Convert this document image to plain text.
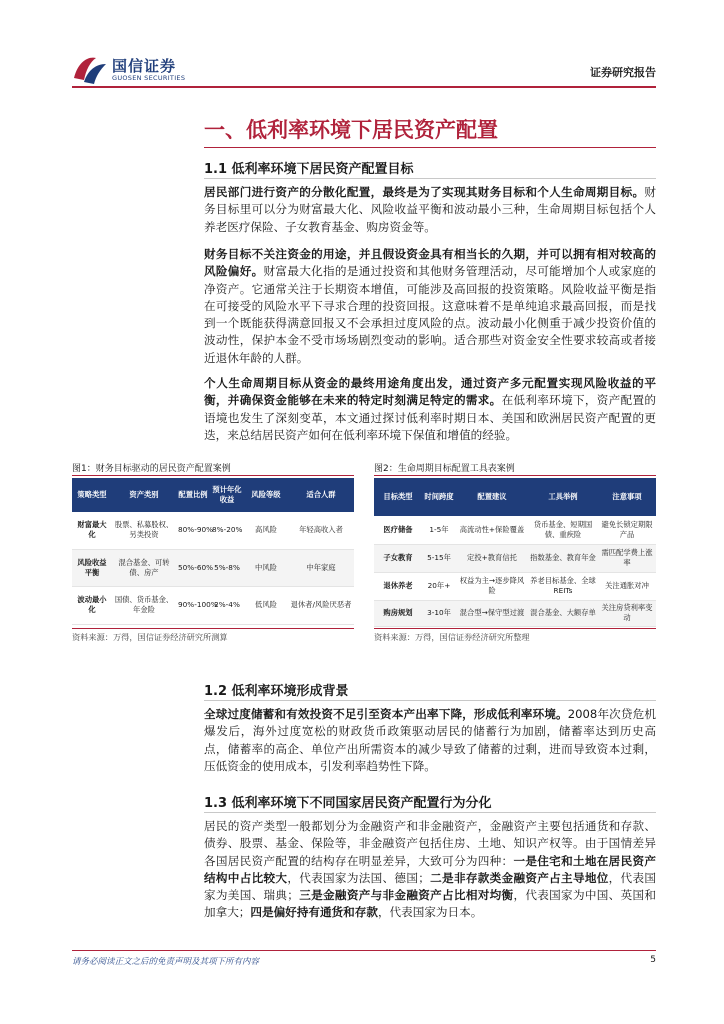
国信证券
GUOSEN SECURITIES	证券研究报告
一、低利率环境下居民资产配置
1.1 低利率环境下居民资产配置目标

居民部门进行资产的分散化配置，最终是为了实现其财务目标和个人生命周期目标。财务目标里可以分为财富最大化、风险收益平衡和波动最小三种，生命周期目标包括个人养老医疗保险、子女教育基金、购房资金等。

财务目标不关注资金的用途，并且假设资金具有相当长的久期，并可以拥有相对较高的风险偏好。财富最大化指的是通过投资和其他财务管理活动，尽可能增加个人或家庭的净资产。它通常关注于长期资本增值，可能涉及高回报的投资策略。风险收益平衡是指在可接受的风险水平下寻求合理的投资回报。这意味着不是单纯追求最高回报，而是找到一个既能获得满意回报又不会承担过度风险的点。波动最小化侧重于减少投资价值的波动性，保护本金不受市场场剧烈变动的影响。适合那些对资金安全性要求较高或者接近退休年龄的人群。

个人生命周期目标从资金的最终用途角度出发，通过资产多元配置实现风险收益的平衡，并确保资金能够在未来的特定时刻满足特定的需求。在低利率环境下，资产配置的语境也发生了深刻变革，本文通过探讨低利率时期日本、美国和欧洲居民资产配置的更迭，来总结居民资产如何在低利率环境下保值和增值的经验。

图1：财务目标驱动的居民资产配置案例
策略类型	资产类别	配置比例	预计年化收益	风险等级	适合人群
财富最大化	股票、私募股权、另类投资	80%-90%	8%-20%	高风险	年轻高收入者
风险收益平衡	混合基金、可转债、房产	50%-60%	5%-8%	中风险	中年家庭
波动最小化	国债、货币基金、年金险	90%-100%	2%-4%	低风险	退休者/风险厌恶者
资料来源：万得，国信证券经济研究所测算
图2：生命周期目标配置工具表案例
目标类型	时间跨度	配置建议	工具举例	注意事项
医疗储备	1-5年	高流动性+保险覆盖	货币基金、短期国债、重疾险	避免长锁定期限产品
子女教育	5-15年	定投+教育信托	指数基金、教育年金	需匹配学费上涨率
退休养老	20年+	权益为主→逐步降风险	养老目标基金、全球REITs	关注通胀对冲
购房规划	3-10年	混合型→保守型过渡	混合基金、大额存单	关注房贷利率变动
资料来源：万得，国信证券经济研究所整理
1.2 低利率环境形成背景

全球过度储蓄和有效投资不足引至资本产出率下降，形成低利率环境。2008年次贷危机爆发后，海外过度宽松的财政货币政策驱动居民的储蓄行为加剧，储蓄率达到历史高点，储蓄率的高企、单位产出所需资本的减少导致了储蓄的过剩，进而导致资本过剩，压低资金的使用成本，引发利率趋势性下降。

1.3 低利率环境下不同国家居民资产配置行为分化

居民的资产类型一般都划分为金融资产和非金融资产，金融资产主要包括通货和存款、债券、股票、基金、保险等，非金融资产包括住房、土地、知识产权等。由于国情差异各国居民资产配置的结构存在明显差异，大致可分为四种：一是住宅和土地在居民资产结构中占比较大，代表国家为法国、德国；二是非存款类金融资产占主导地位，代表国家为美国、瑞典；三是金融资产与非金融资产占比相对均衡，代表国家为中国、英国和加拿大；四是偏好持有通货和存款，代表国家为日本。

请务必阅读正文之后的免责声明及其项下所有内容	5
